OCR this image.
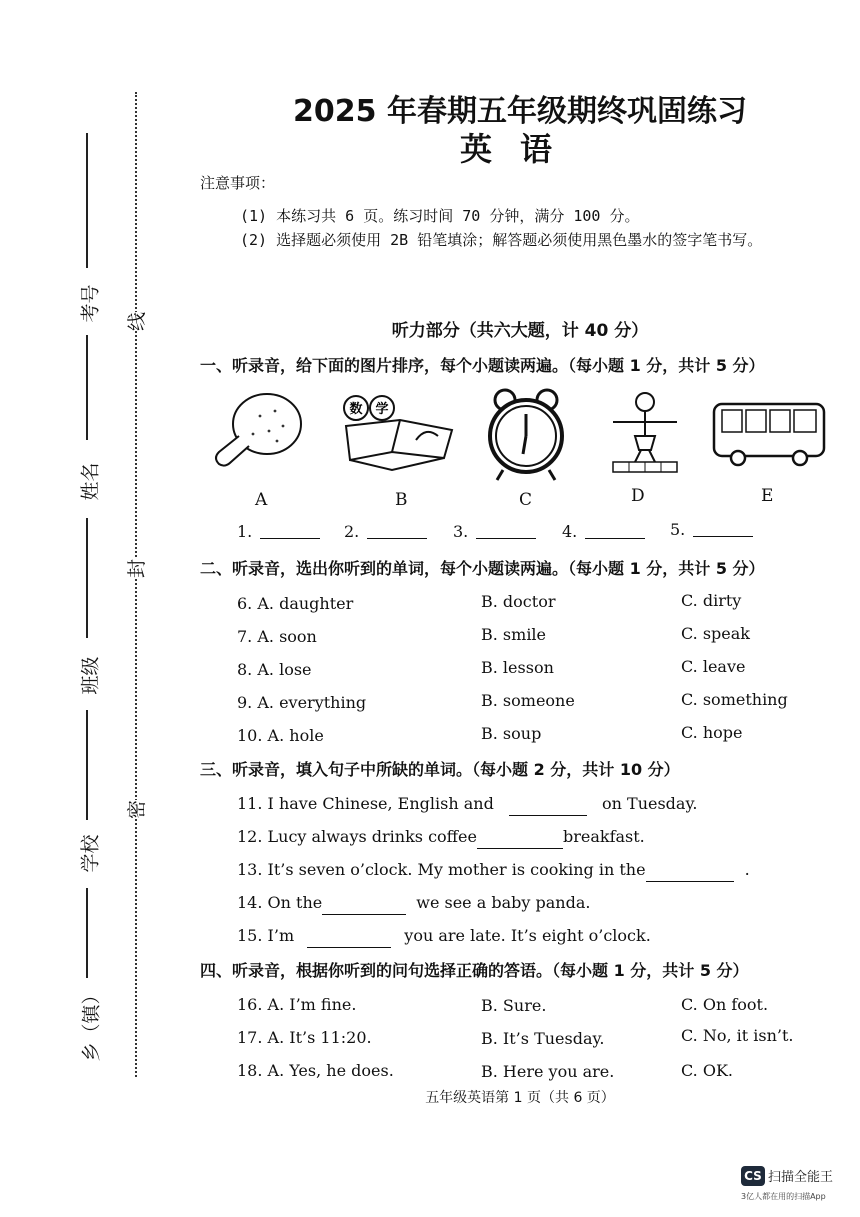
考号
姓名
班级
学校
乡（镇）
线
封
密
2025 年春期五年级期终巩固练习
英语
注意事项：
(1) 本练习共 6 页。练习时间 70 分钟，满分 100 分。
(2) 选择题必须使用 2B 铅笔填涂；解答题必须使用黑色墨水的签字笔书写。
听力部分（共六大题，计 40 分）
一、听录音，给下面的图片排序，每个小题读两遍。（每小题 1 分，共计 5 分）
数 学
A	B	C	D	E
1.	2.	3.	4.	5.
二、听录音，选出你听到的单词，每个小题读两遍。（每小题 1 分，共计 5 分）
6. A. daughter	B. doctor	C. dirty
7. A. soon	B. smile	C. speak
8. A. lose	B. lesson	C. leave
9. A. everything	B. someone	C. something
10. A. hole	B. soup	C. hope
三、听录音，填入句子中所缺的单词。（每小题 2 分，共计 10 分）
11. I have Chinese, English and	on Tuesday.
12. Lucy always drinks coffee	breakfast.
13. It’s seven o’clock. My mother is cooking in the	.
14. On the	we see a baby panda.
15. I’m	you are late. It’s eight o’clock.
四、听录音，根据你听到的问句选择正确的答语。（每小题 1 分，共计 5 分）
16. A. I’m fine.	B. Sure.	C. On foot.
17. A. It’s 11:20.	B. It’s Tuesday.	C. No, it isn’t.
18. A. Yes, he does.	B. Here you are.	C. OK.
五年级英语第 1 页（共 6 页）
CS 扫描全能王
3亿人都在用的扫描App
